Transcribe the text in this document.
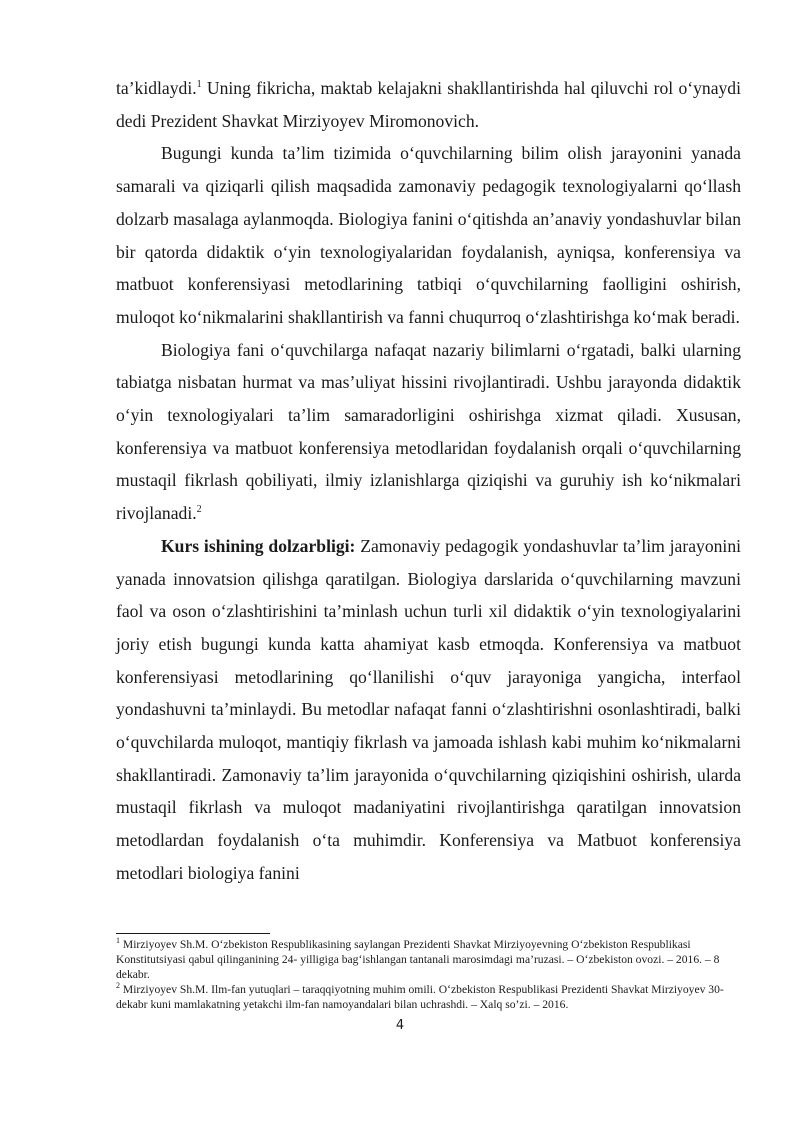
ta’kidlaydi.$^1$ Uning fikricha, maktab kelajakni shakllantirishda hal qiluvchi rol o‘ynaydi dedi Prezident Shavkat Mirziyoyev Miromonovich.

Bugungi kunda ta’lim tizimida o‘quvchilarning bilim olish jarayonini yanada samarali va qiziqarli qilish maqsadida zamonaviy pedagogik texnologiyalarni qo‘llash dolzarb masalaga aylanmoqda. Biologiya fanini o‘qitishda an’anaviy yondashuvlar bilan bir qatorda didaktik o‘yin texnologiyalaridan foydalanish, ayniqsa, konferensiya va matbuot konferensiyasi metodlarining tatbiqi o‘quvchilarning faolligini oshirish, muloqot ko‘nikmalarini shakllantirish va fanni chuqurroq o‘zlashtirishga ko‘mak beradi.

Biologiya fani o‘quvchilarga nafaqat nazariy bilimlarni o‘rgatadi, balki ularning tabiatga nisbatan hurmat va mas’uliyat hissini rivojlantiradi. Ushbu jarayonda didaktik o‘yin texnologiyalari ta’lim samaradorligini oshirishga xizmat qiladi. Xususan, konferensiya va matbuot konferensiya metodlaridan foydalanish orqali o‘quvchilarning mustaqil fikrlash qobiliyati, ilmiy izlanishlarga qiziqishi va guruhiy ish ko‘nikmalari rivojlanadi.$^2$

Kurs ishining dolzarbligi: Zamonaviy pedagogik yondashuvlar ta’lim jarayonini yanada innovatsion qilishga qaratilgan. Biologiya darslarida o‘quvchilarning mavzuni faol va oson o‘zlashtirishini ta’minlash uchun turli xil didaktik o‘yin texnologiyalarini joriy etish bugungi kunda katta ahamiyat kasb etmoqda. Konferensiya va matbuot konferensiyasi metodlarining qo‘llanilishi o‘quv jarayoniga yangicha, interfaol yondashuvni ta’minlaydi. Bu metodlar nafaqat fanni o‘zlashtirishni osonlashtiradi, balki o‘quvchilarda muloqot, mantiqiy fikrlash va jamoada ishlash kabi muhim ko‘nikmalarni shakllantiradi. Zamonaviy ta’lim jarayonida o‘quvchilarning qiziqishini oshirish, ularda mustaqil fikrlash va muloqot madaniyatini rivojlantirishga qaratilgan innovatsion metodlardan foydalanish o‘ta muhimdir. Konferensiya va Matbuot konferensiya metodlari biologiya fanini

$^1$ Mirziyoyev Sh.M. O‘zbekiston Respublikasining saylangan Prezidenti Shavkat Mirziyoyevning O‘zbekiston Respublikasi Konstitutsiyasi qabul qilinganining 24- yilligiga bag‘ishlangan tantanali marosimdagi ma’ruzasi. – O‘zbekiston ovozi. – 2016. – 8 dekabr.

$^2$ Mirziyoyev Sh.M. Ilm-fan yutuqlari – taraqqiyotning muhim omili. O‘zbekiston Respublikasi Prezidenti Shavkat Mirziyoyev 30-dekabr kuni mamlakatning yetakchi ilm-fan namoyandalari bilan uchrashdi. – Xalq so’zi. – 2016.

4
